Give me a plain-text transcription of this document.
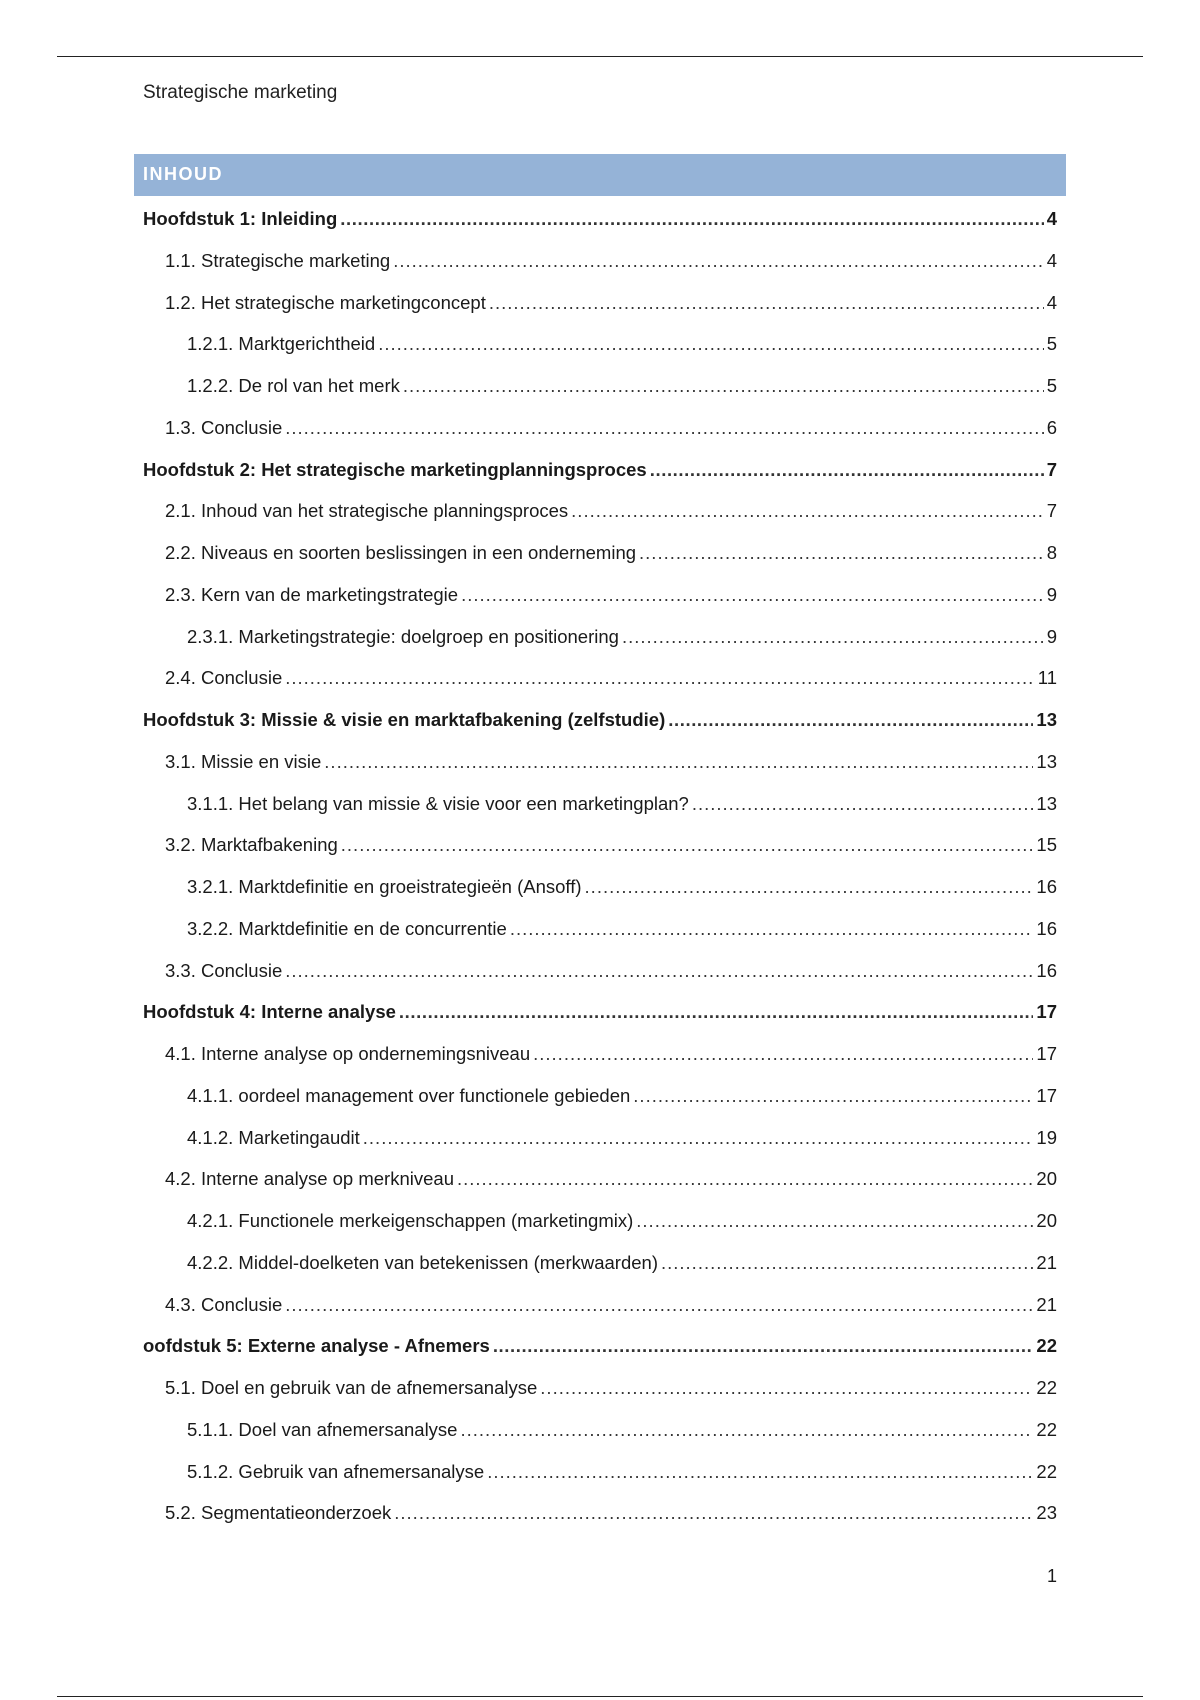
Strategische marketing
INHOUD
Hoofdstuk 1: Inleiding .....	4
1.1. Strategische marketing .....	4
1.2. Het strategische marketingconcept .....	4
1.2.1. Marktgerichtheid .....	5
1.2.2. De rol van het merk .....	5
1.3. Conclusie .....	6
Hoofdstuk 2: Het strategische marketingplanningsproces .....	7
2.1. Inhoud van het strategische planningsproces .....	7
2.2. Niveaus en soorten beslissingen in een onderneming .....	8
2.3. Kern van de marketingstrategie .....	9
2.3.1. Marketingstrategie: doelgroep en positionering .....	9
2.4. Conclusie .....	11
Hoofdstuk 3: Missie & visie en marktafbakening (zelfstudie) .....	13
3.1. Missie en visie .....	13
3.1.1. Het belang van missie & visie voor een marketingplan? .....	13
3.2. Marktafbakening .....	15
3.2.1. Marktdefinitie en groeistrategieën (Ansoff) .....	16
3.2.2. Marktdefinitie en de concurrentie .....	16
3.3. Conclusie .....	16
Hoofdstuk 4: Interne analyse .....	17
4.1. Interne analyse op ondernemingsniveau .....	17
4.1.1. oordeel management over functionele gebieden .....	17
4.1.2. Marketingaudit .....	19
4.2. Interne analyse op merkniveau .....	20
4.2.1. Functionele merkeigenschappen (marketingmix) .....	20
4.2.2. Middel-doelketen van betekenissen (merkwaarden) .....	21
4.3. Conclusie .....	21
oofdstuk 5: Externe analyse - Afnemers .....	22
5.1. Doel en gebruik van de afnemersanalyse .....	22
5.1.1. Doel van afnemersanalyse .....	22
5.1.2. Gebruik van afnemersanalyse .....	22
5.2. Segmentatieonderzoek .....	23
1
